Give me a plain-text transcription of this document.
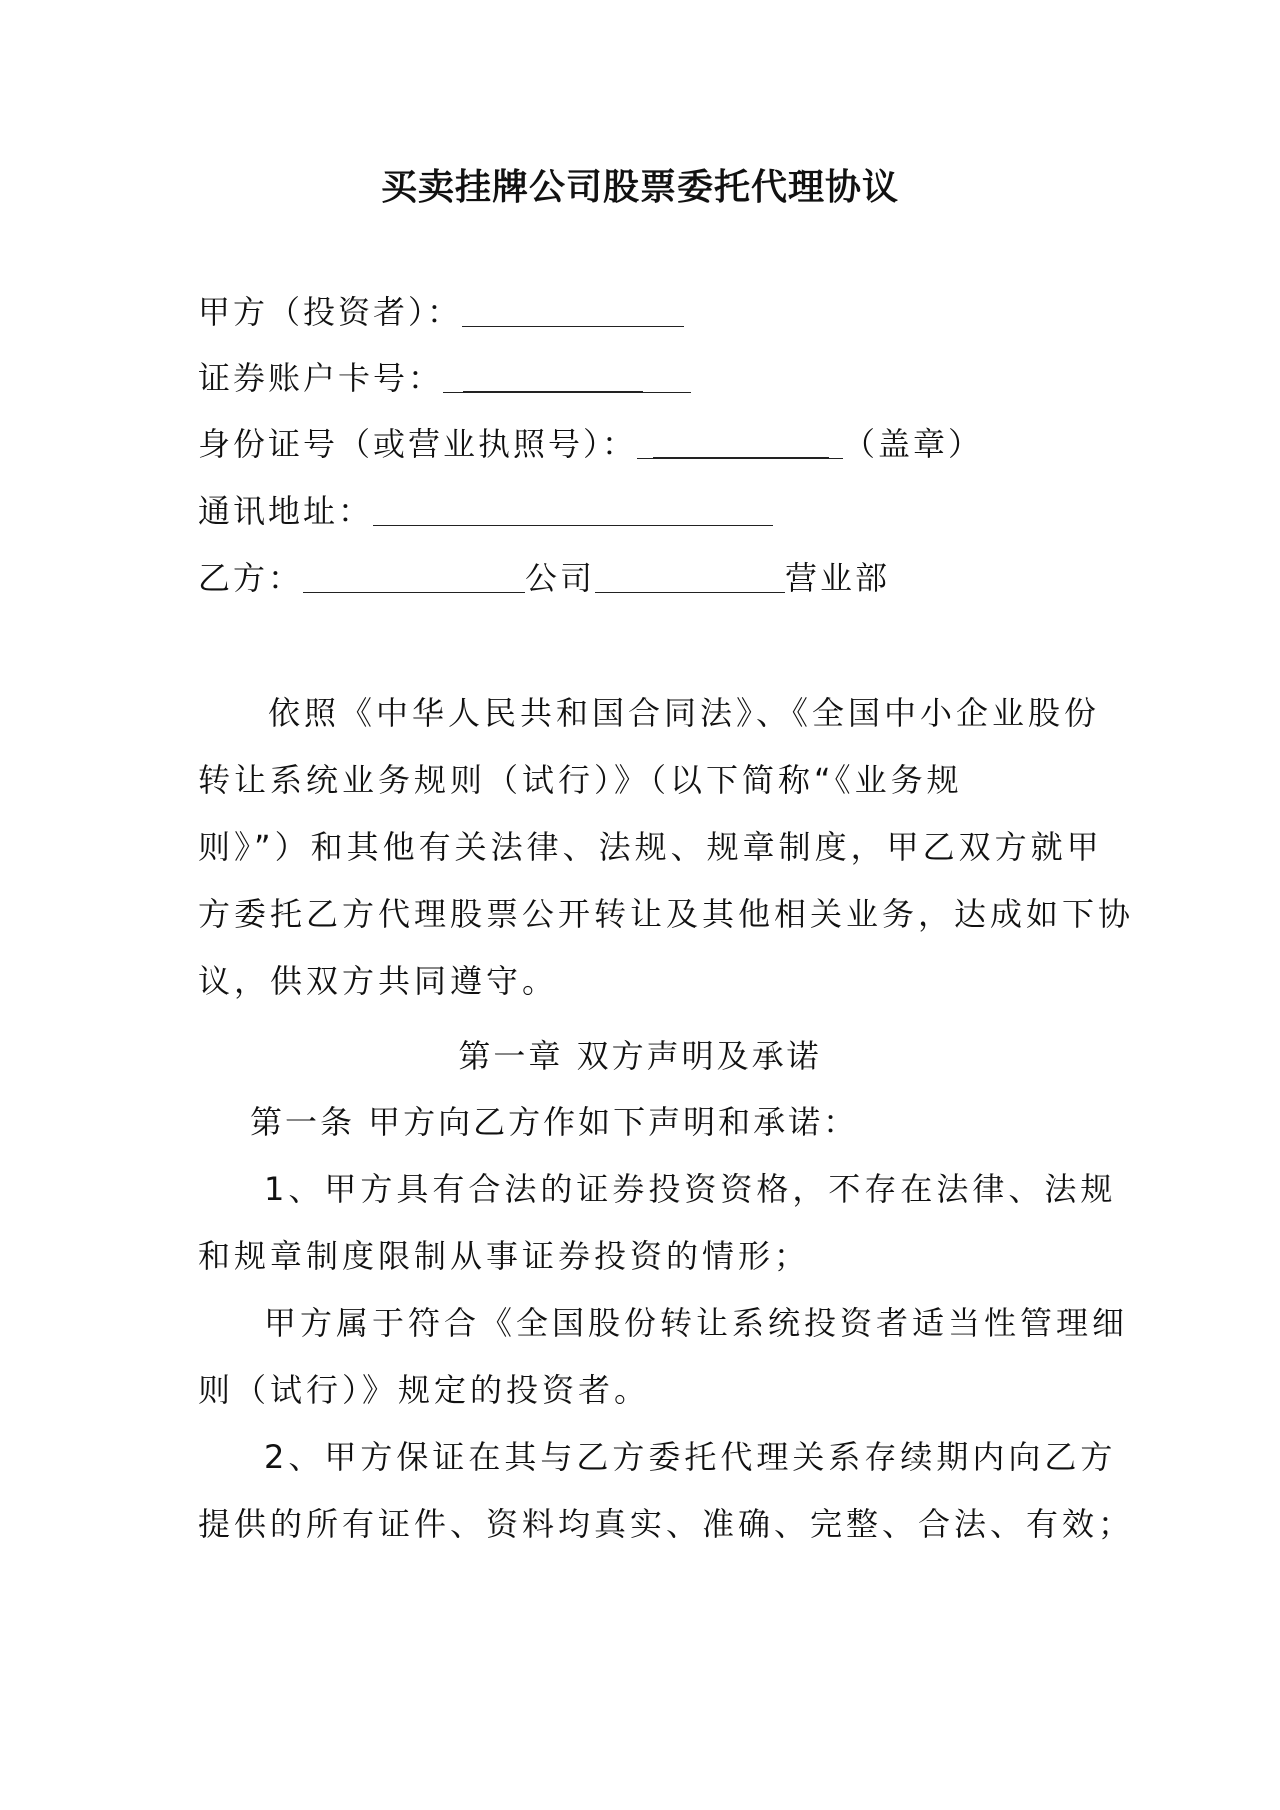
买卖挂牌公司股票委托代理协议
甲方（投资者）：
证券账户卡号：
身份证号（或营业执照号）：	（盖章）
通讯地址：
乙方：	公司	营业部
依照《中华人民共和国合同法》、《全国中小企业股份
转让系统业务规则（试行）》（以下简称“《业务规
则》”）和其他有关法律、法规、规章制度，甲乙双方就甲
方委托乙方代理股票公开转让及其他相关业务，达成如下协
议，供双方共同遵守。
第一章 双方声明及承诺
第一条 甲方向乙方作如下声明和承诺：
1、甲方具有合法的证券投资资格，不存在法律、法规
和规章制度限制从事证券投资的情形；
甲方属于符合《全国股份转让系统投资者适当性管理细
则（试行）》规定的投资者。
2、甲方保证在其与乙方委托代理关系存续期内向乙方
提供的所有证件、资料均真实、准确、完整、合法、有效；
